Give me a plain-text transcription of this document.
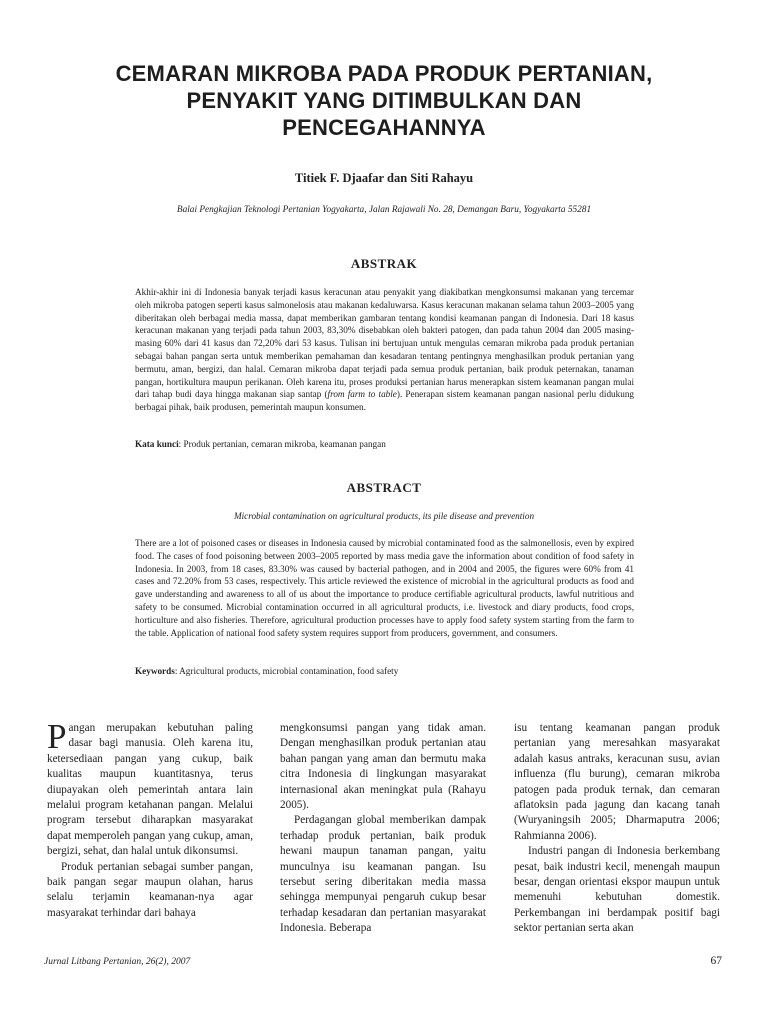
CEMARAN MIKROBA PADA PRODUK PERTANIAN,
PENYAKIT YANG DITIMBULKAN DAN
PENCEGAHANNYA

Titiek F. Djaafar dan Siti Rahayu

Balai Pengkajian Teknologi Pertanian Yogyakarta, Jalan Rajawali No. 28, Demangan Baru, Yogyakarta 55281

ABSTRAK

Akhir-akhir ini di Indonesia banyak terjadi kasus keracunan atau penyakit yang diakibatkan mengkonsumsi makanan yang tercemar oleh mikroba patogen seperti kasus salmonelosis atau makanan kedaluwarsa. Kasus keracunan makanan selama tahun 2003–2005 yang diberitakan oleh berbagai media massa, dapat memberikan gambaran tentang kondisi keamanan pangan di Indonesia. Dari 18 kasus keracunan makanan yang terjadi pada tahun 2003, 83,30% disebabkan oleh bakteri patogen, dan pada tahun 2004 dan 2005 masing-masing 60% dari 41 kasus dan 72,20% dari 53 kasus. Tulisan ini bertujuan untuk mengulas cemaran mikroba pada produk pertanian sebagai bahan pangan serta untuk memberikan pemahaman dan kesadaran tentang pentingnya menghasilkan produk pertanian yang bermutu, aman, bergizi, dan halal. Cemaran mikroba dapat terjadi pada semua produk pertanian, baik produk peternakan, tanaman pangan, hortikultura maupun perikanan. Oleh karena itu, proses produksi pertanian harus menerapkan sistem keamanan pangan mulai dari tahap budi daya hingga makanan siap santap (from farm to table). Penerapan sistem keamanan pangan nasional perlu didukung berbagai pihak, baik produsen, pemerintah maupun konsumen.

Kata kunci: Produk pertanian, cemaran mikroba, keamanan pangan

ABSTRACT

Microbial contamination on agricultural products, its pile disease and prevention

There are a lot of poisoned cases or diseases in Indonesia caused by microbial contaminated food as the salmonellosis, even by expired food. The cases of food poisoning between 2003–2005 reported by mass media gave the information about condition of food safety in Indonesia. In 2003, from 18 cases, 83.30% was caused by bacterial pathogen, and in 2004 and 2005, the figures were 60% from 41 cases and 72.20% from 53 cases, respectively. This article reviewed the existence of microbial in the agricultural products as food and gave understanding and awareness to all of us about the importance to produce certifiable agricultural products, lawful nutritious and safety to be consumed. Microbial contamination occurred in all agricultural products, i.e. livestock and diary products, food crops, horticulture and also fisheries. Therefore, agricultural production processes have to apply food safety system starting from the farm to the table. Application of national food safety system requires support from producers, government, and consumers.

Keywords: Agricultural products, microbial contamination, food safety

Pangan merupakan kebutuhan paling dasar bagi manusia. Oleh karena itu, ketersediaan pangan yang cukup, baik kualitas maupun kuantitasnya, terus diupayakan oleh pemerintah antara lain melalui program ketahanan pangan. Melalui program tersebut diharapkan masyarakat dapat memperoleh pangan yang cukup, aman, bergizi, sehat, dan halal untuk dikonsumsi.

Produk pertanian sebagai sumber pangan, baik pangan segar maupun olahan, harus selalu terjamin keamanan-nya agar masyarakat terhindar dari bahaya

mengkonsumsi pangan yang tidak aman. Dengan menghasilkan produk pertanian atau bahan pangan yang aman dan bermutu maka citra Indonesia di lingkungan masyarakat internasional akan meningkat pula (Rahayu 2005).

Perdagangan global memberikan dampak terhadap produk pertanian, baik produk hewani maupun tanaman pangan, yaitu munculnya isu keamanan pangan. Isu tersebut sering diberitakan media massa sehingga mempunyai pengaruh cukup besar terhadap kesadaran dan pertanian masyarakat Indonesia. Beberapa

isu tentang keamanan pangan produk pertanian yang meresahkan masyarakat adalah kasus antraks, keracunan susu, avian influenza (flu burung), cemaran mikroba patogen pada produk ternak, dan cemaran aflatoksin pada jagung dan kacang tanah (Wuryaningsih 2005; Dharmaputra 2006; Rahmianna 2006).

Industri pangan di Indonesia berkembang pesat, baik industri kecil, menengah maupun besar, dengan orientasi ekspor maupun untuk memenuhi kebutuhan domestik. Perkembangan ini berdampak positif bagi sektor pertanian serta akan

Jurnal Litbang Pertanian, 26(2), 2007	67
